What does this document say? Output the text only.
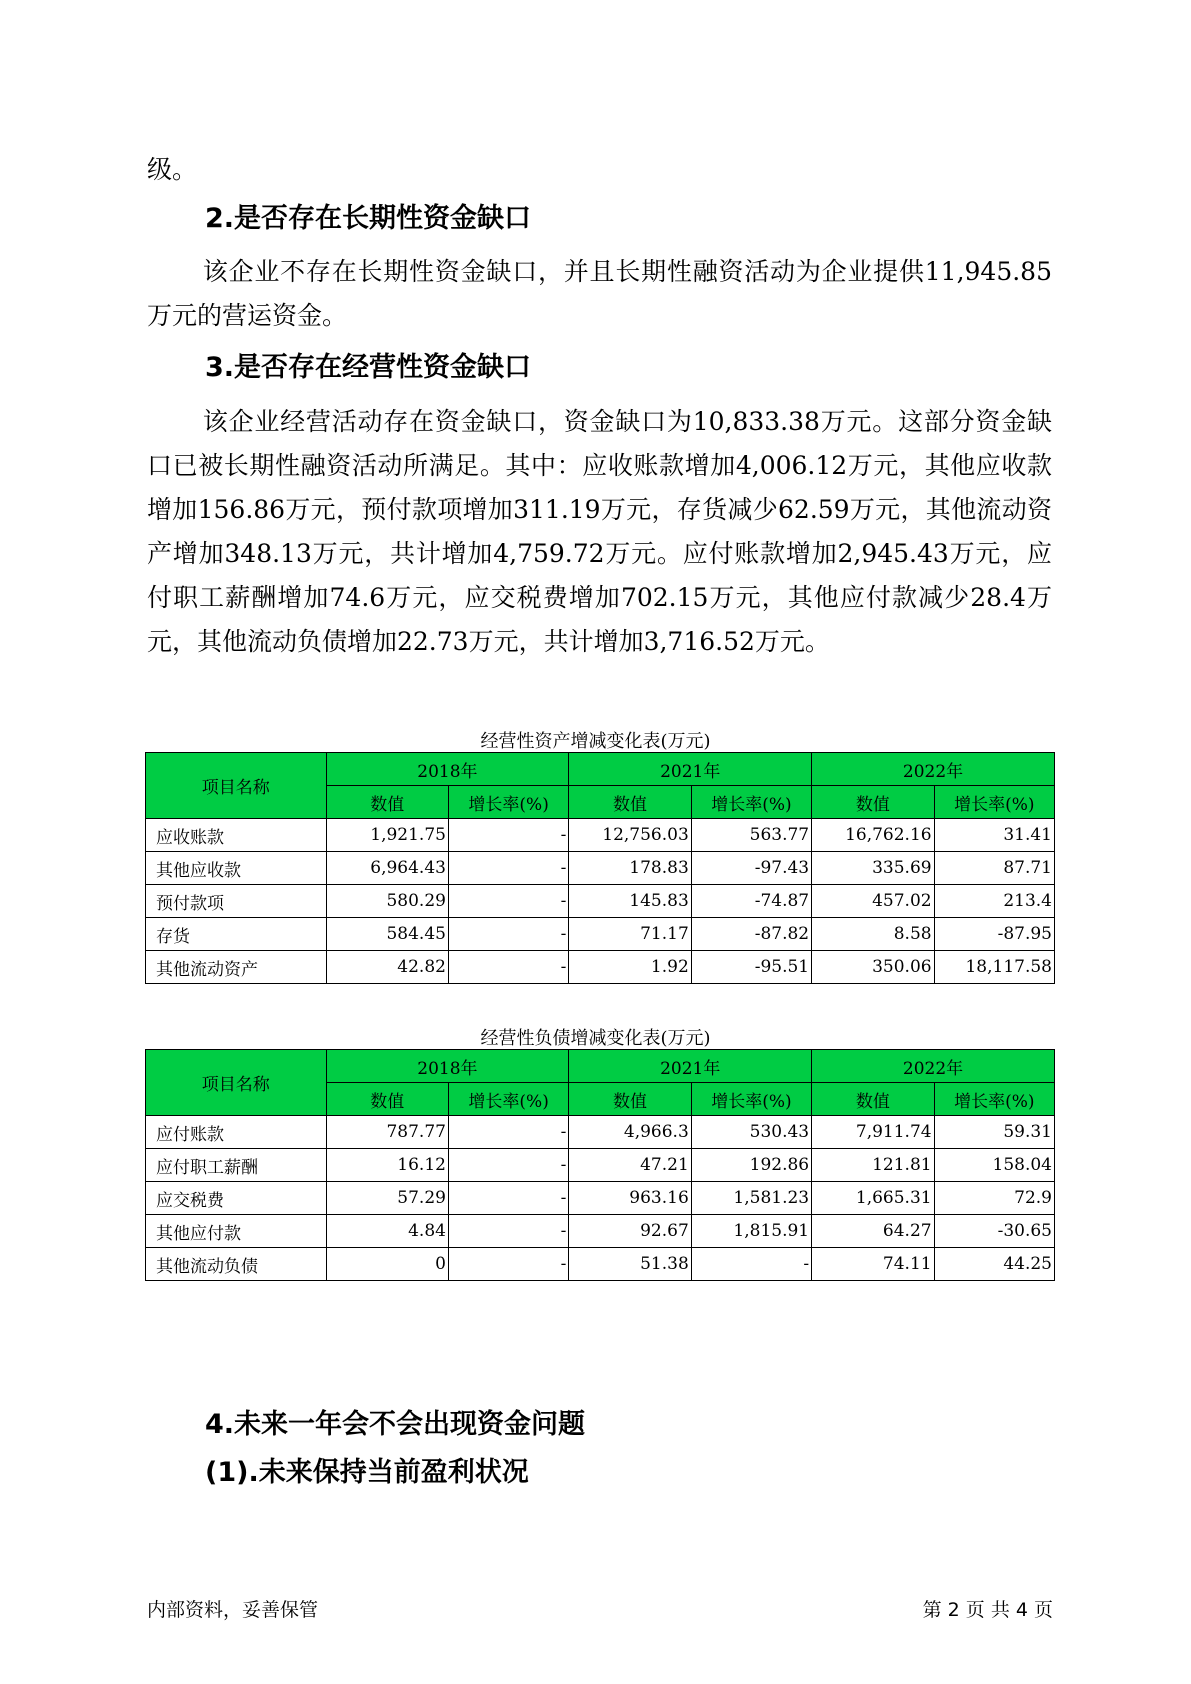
级。
2.是否存在长期性资金缺口
该企业不存在长期性资金缺口，并且长期性融资活动为企业提供11,945.85万元的营运资金。
3.是否存在经营性资金缺口
该企业经营活动存在资金缺口，资金缺口为10,833.38万元。这部分资金缺口已被长期性融资活动所满足。其中：应收账款增加4,006.12万元，其他应收款增加156.86万元，预付款项增加311.19万元，存货减少62.59万元，其他流动资产增加348.13万元，共计增加4,759.72万元。应付账款增加2,945.43万元，应付职工薪酬增加74.6万元，应交税费增加702.15万元，其他应付款减少28.4万元，其他流动负债增加22.73万元，共计增加3,716.52万元。
经营性资产增减变化表(万元)
项目名称	2018年		2021年		2022年	
	数值	增长率(%)	数值	增长率(%)	数值	增长率(%)
应收账款	1,921.75	-	12,756.03	563.77	16,762.16	31.41
其他应收款	6,964.43	-	178.83	-97.43	335.69	87.71
预付款项	580.29	-	145.83	-74.87	457.02	213.4
存货	584.45	-	71.17	-87.82	8.58	-87.95
其他流动资产	42.82	-	1.92	-95.51	350.06	18,117.58
经营性负债增减变化表(万元)
项目名称	2018年		2021年		2022年	
	数值	增长率(%)	数值	增长率(%)	数值	增长率(%)
应付账款	787.77	-	4,966.3	530.43	7,911.74	59.31
应付职工薪酬	16.12	-	47.21	192.86	121.81	158.04
应交税费	57.29	-	963.16	1,581.23	1,665.31	72.9
其他应付款	4.84	-	92.67	1,815.91	64.27	-30.65
其他流动负债	0	-	51.38	-	74.11	44.25
4.未来一年会不会出现资金问题
(1).未来保持当前盈利状况
内部资料，妥善保管	第 2 页 共 4 页
